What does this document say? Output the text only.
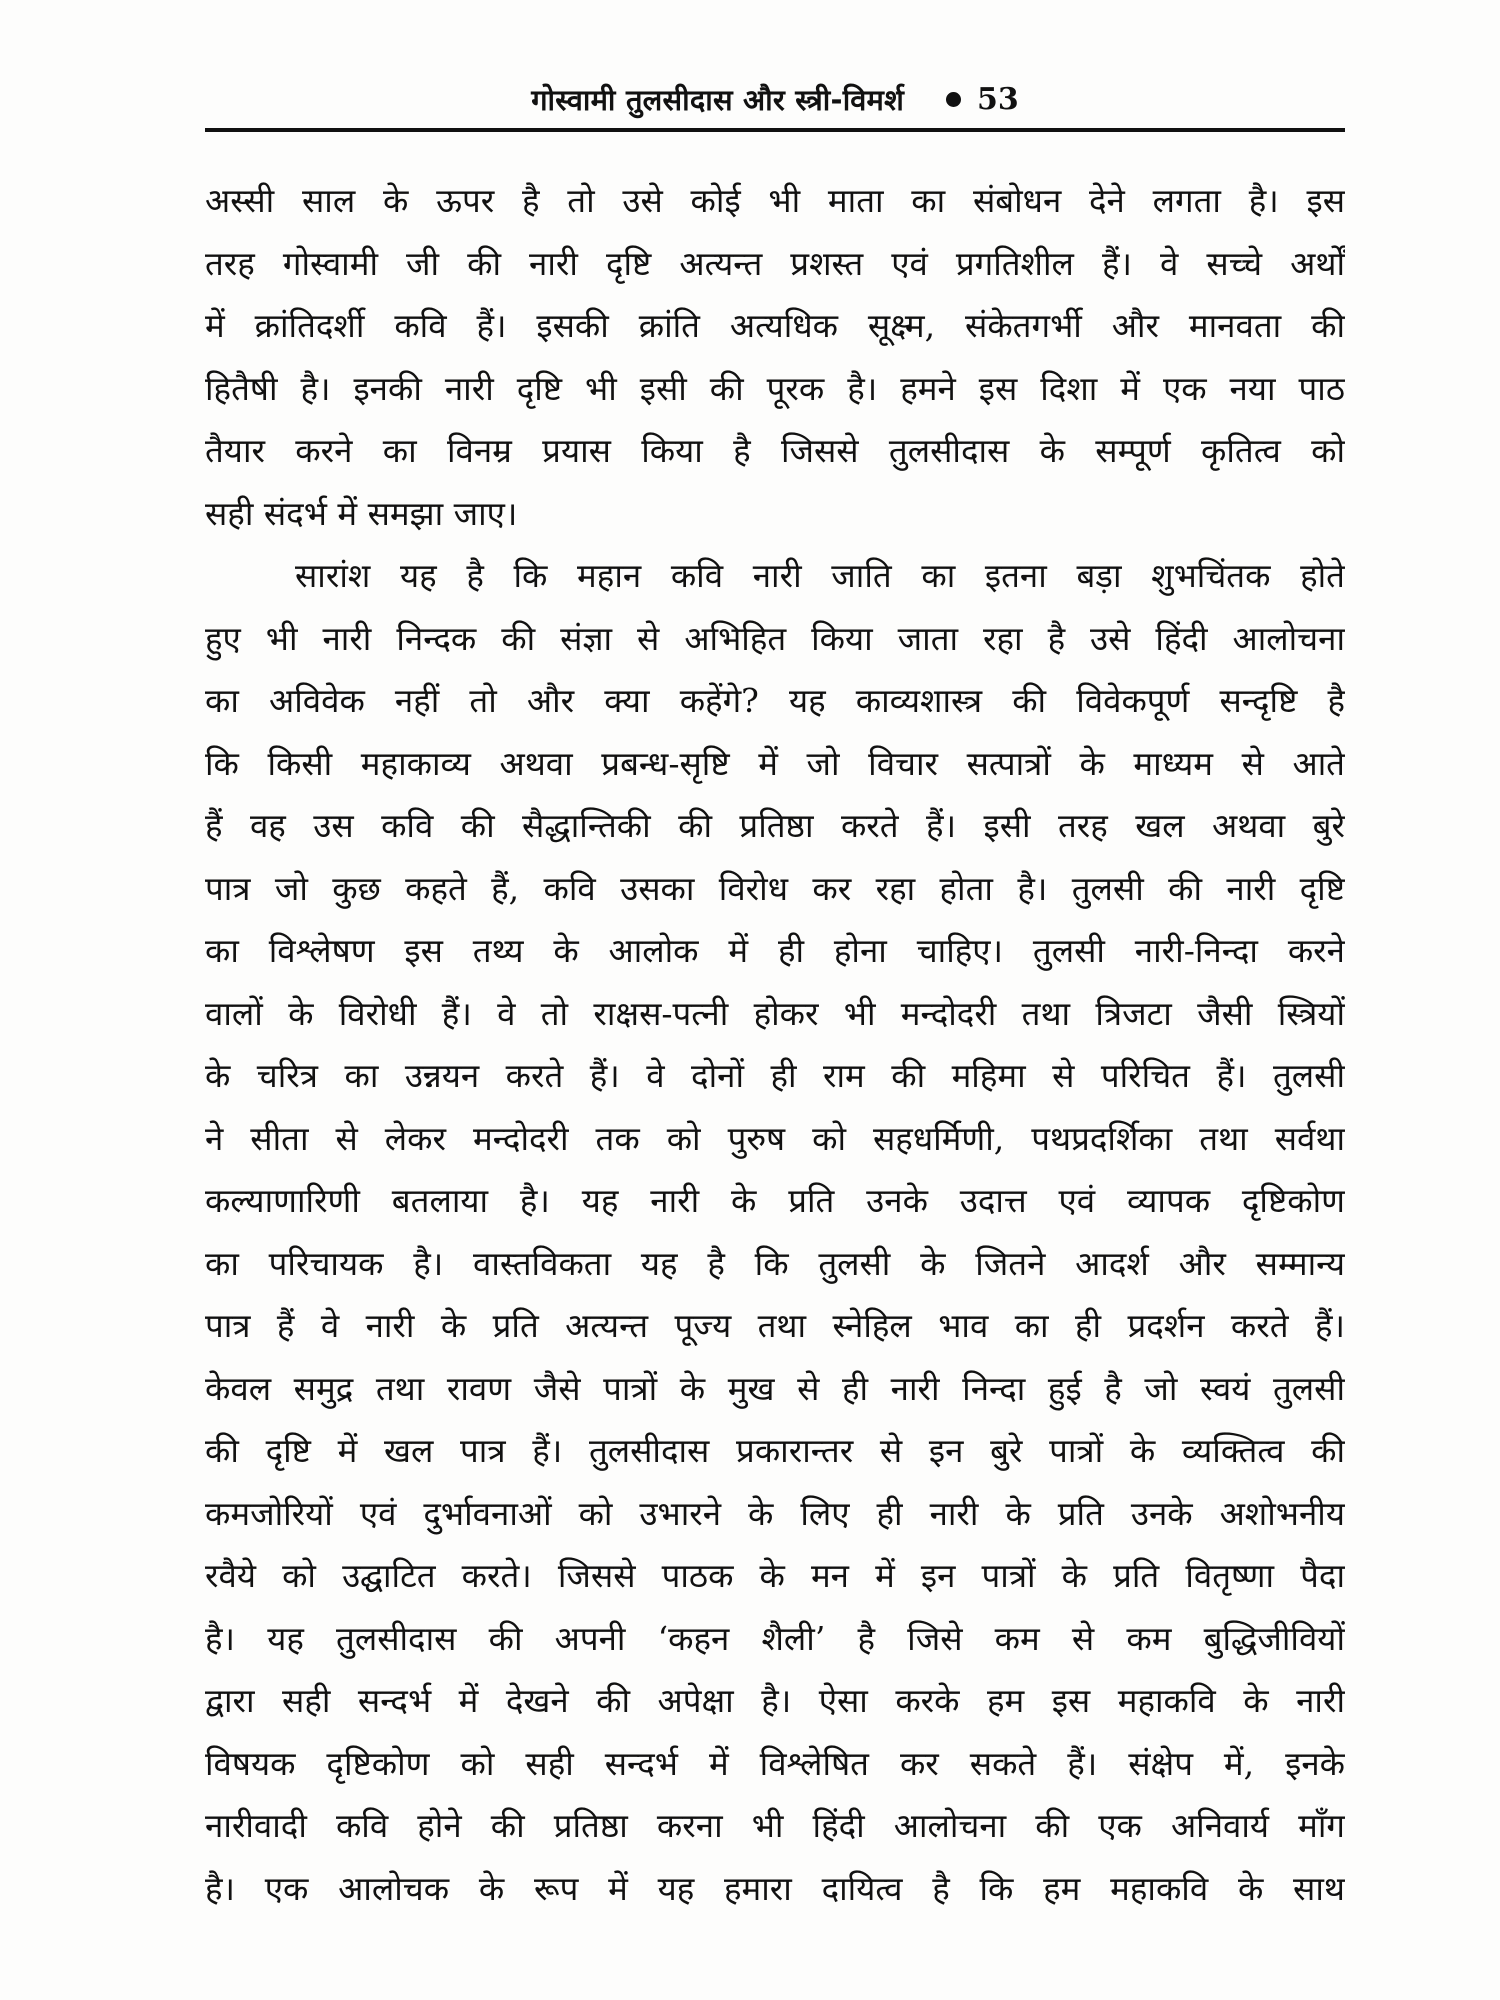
गोस्वामी तुलसीदास और स्त्री-विमर्श 53
अस्सी साल के ऊपर है तो उसे कोई भी माता का संबोधन देने लगता है। इस
तरह गोस्वामी जी की नारी दृष्टि अत्यन्त प्रशस्त एवं प्रगतिशील हैं। वे सच्चे अर्थों
में क्रांतिदर्शी कवि हैं। इसकी क्रांति अत्यधिक सूक्ष्म, संकेतगर्भी और मानवता की
हितैषी है। इनकी नारी दृष्टि भी इसी की पूरक है। हमने इस दिशा में एक नया पाठ
तैयार करने का विनम्र प्रयास किया है जिससे तुलसीदास के सम्पूर्ण कृतित्व को
सही संदर्भ में समझा जाए।
सारांश यह है कि महान कवि नारी जाति का इतना बड़ा शुभचिंतक होते
हुए भी नारी निन्दक की संज्ञा से अभिहित किया जाता रहा है उसे हिंदी आलोचना
का अविवेक नहीं तो और क्या कहेंगे? यह काव्यशास्त्र की विवेकपूर्ण सन्दृष्टि है
कि किसी महाकाव्य अथवा प्रबन्ध-सृष्टि में जो विचार सत्पात्रों के माध्यम से आते
हैं वह उस कवि की सैद्धान्तिकी की प्रतिष्ठा करते हैं। इसी तरह खल अथवा बुरे
पात्र जो कुछ कहते हैं, कवि उसका विरोध कर रहा होता है। तुलसी की नारी दृष्टि
का विश्लेषण इस तथ्य के आलोक में ही होना चाहिए। तुलसी नारी-निन्दा करने
वालों के विरोधी हैं। वे तो राक्षस-पत्नी होकर भी मन्दोदरी तथा त्रिजटा जैसी स्त्रियों
के चरित्र का उन्नयन करते हैं। वे दोनों ही राम की महिमा से परिचित हैं। तुलसी
ने सीता से लेकर मन्दोदरी तक को पुरुष को सहधर्मिणी, पथप्रदर्शिका तथा सर्वथा
कल्याणारिणी बतलाया है। यह नारी के प्रति उनके उदात्त एवं व्यापक दृष्टिकोण
का परिचायक है। वास्तविकता यह है कि तुलसी के जितने आदर्श और सम्मान्य
पात्र हैं वे नारी के प्रति अत्यन्त पूज्य तथा स्नेहिल भाव का ही प्रदर्शन करते हैं।
केवल समुद्र तथा रावण जैसे पात्रों के मुख से ही नारी निन्दा हुई है जो स्वयं तुलसी
की दृष्टि में खल पात्र हैं। तुलसीदास प्रकारान्तर से इन बुरे पात्रों के व्यक्तित्व की
कमजोरियों एवं दुर्भावनाओं को उभारने के लिए ही नारी के प्रति उनके अशोभनीय
रवैये को उद्घाटित करते। जिससे पाठक के मन में इन पात्रों के प्रति वितृष्णा पैदा
है। यह तुलसीदास की अपनी ‘कहन शैली’ है जिसे कम से कम बुद्धिजीवियों
द्वारा सही सन्दर्भ में देखने की अपेक्षा है। ऐसा करके हम इस महाकवि के नारी
विषयक दृष्टिकोण को सही सन्दर्भ में विश्लेषित कर सकते हैं। संक्षेप में, इनके
नारीवादी कवि होने की प्रतिष्ठा करना भी हिंदी आलोचना की एक अनिवार्य माँग
है। एक आलोचक के रूप में यह हमारा दायित्व है कि हम महाकवि के साथ
